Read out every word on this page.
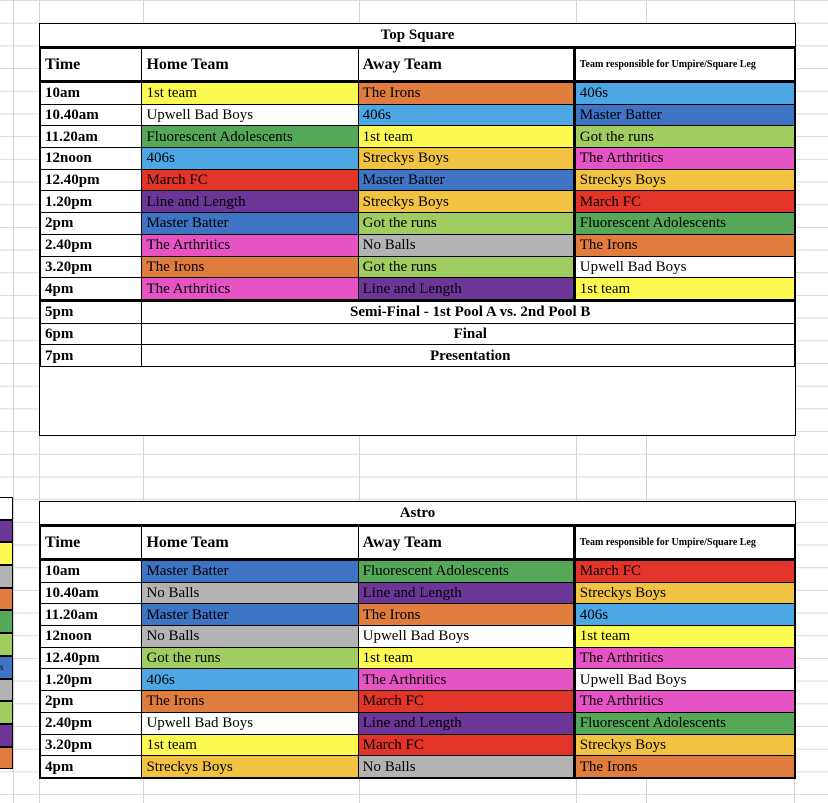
s
Top Square
Time	Home Team	Away Team	Team responsible for Umpire/Square Leg
10am	1st team	The Irons	406s
10.40am	Upwell Bad Boys	406s	Master Batter
11.20am	Fluorescent Adolescents	1st team	Got the runs
12noon	406s	Streckys Boys	The Arthritics
12.40pm	March FC	Master Batter	Streckys Boys
1.20pm	Line and Length	Streckys Boys	March FC
2pm	Master Batter	Got the runs	Fluorescent Adolescents
2.40pm	The Arthritics	No Balls	The Irons
3.20pm	The Irons	Got the runs	Upwell Bad Boys
4pm	The Arthritics	Line and Length	1st team
5pm	Semi-Final - 1st Pool A vs. 2nd Pool B		
6pm	Final		
7pm	Presentation		

Astro
Time	Home Team	Away Team	Team responsible for Umpire/Square Leg
10am	Master Batter	Fluorescent Adolescents	March FC
10.40am	No Balls	Line and Length	Streckys Boys
11.20am	Master Batter	The Irons	406s
12noon	No Balls	Upwell Bad Boys	1st team
12.40pm	Got the runs	1st team	The Arthritics
1.20pm	406s	The Arthritics	Upwell Bad Boys
2pm	The Irons	March FC	The Arthritics
2.40pm	Upwell Bad Boys	Line and Length	Fluorescent Adolescents
3.20pm	1st team	March FC	Streckys Boys
4pm	Streckys Boys	No Balls	The Irons
